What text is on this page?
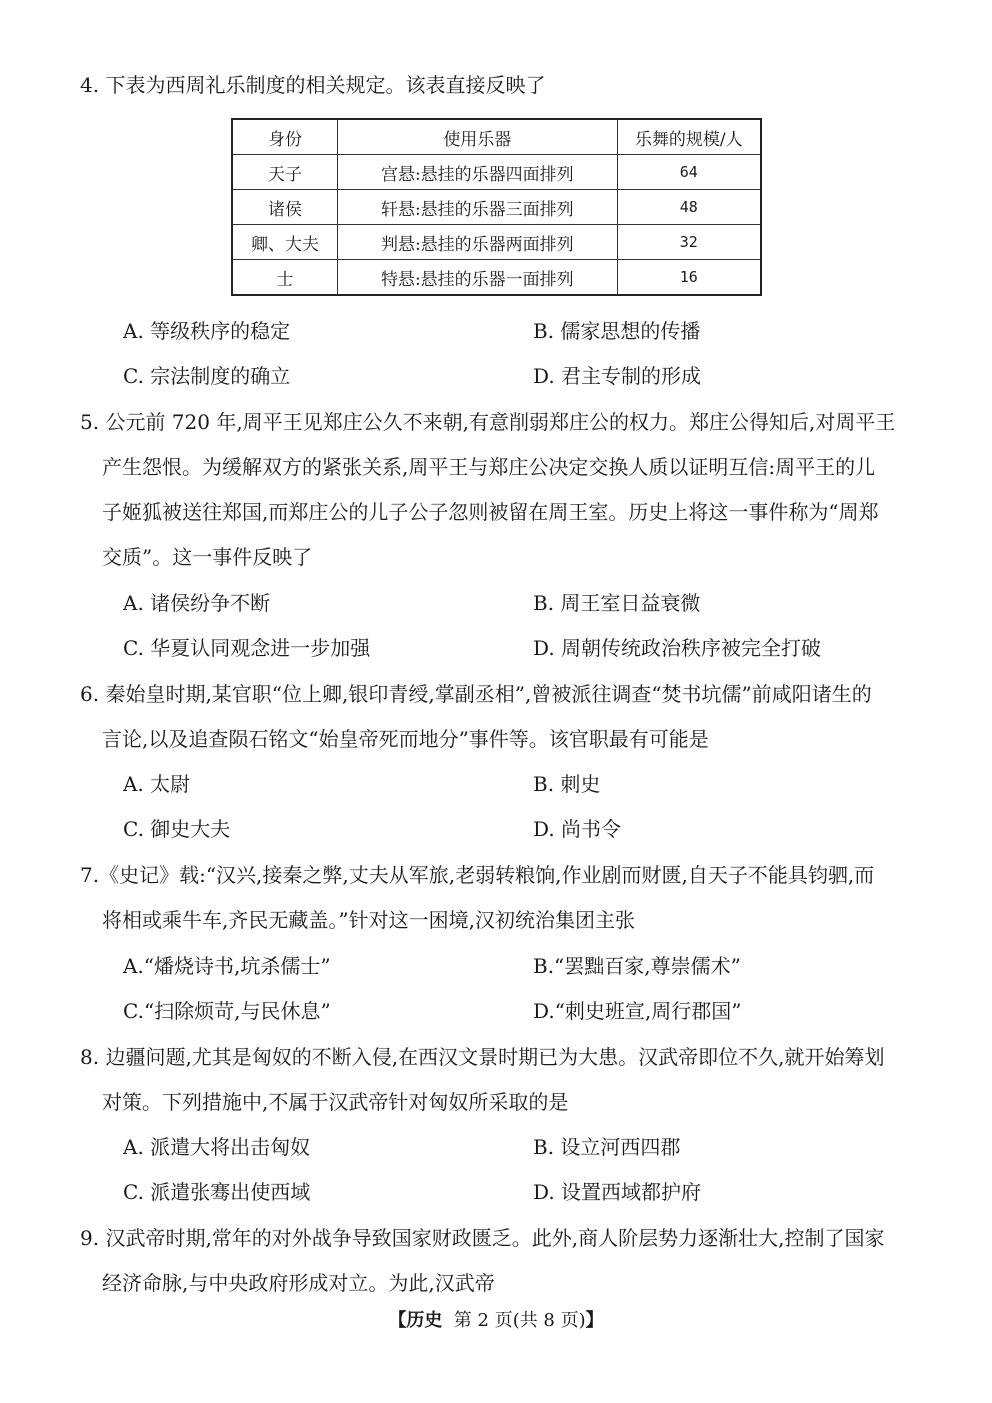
4. 下表为西周礼乐制度的相关规定。该表直接反映了
身份	使用乐器	乐舞的规模/人
天子	宫悬:悬挂的乐器四面排列	64
诸侯	轩悬:悬挂的乐器三面排列	48
卿、大夫	判悬:悬挂的乐器两面排列	32
士	特悬:悬挂的乐器一面排列	16
A. 等级秩序的稳定	B. 儒家思想的传播
C. 宗法制度的确立	D. 君主专制的形成
5. 公元前 720 年,周平王见郑庄公久不来朝,有意削弱郑庄公的权力。郑庄公得知后,对周平王
产生怨恨。为缓解双方的紧张关系,周平王与郑庄公决定交换人质以证明互信:周平王的儿
子姬狐被送往郑国,而郑庄公的儿子公子忽则被留在周王室。历史上将这一事件称为“周郑
交质”。这一事件反映了
A. 诸侯纷争不断	B. 周王室日益衰微
C. 华夏认同观念进一步加强	D. 周朝传统政治秩序被完全打破
6. 秦始皇时期,某官职“位上卿,银印青绶,掌副丞相”,曾被派往调查“焚书坑儒”前咸阳诸生的
言论,以及追查陨石铭文“始皇帝死而地分”事件等。该官职最有可能是
A. 太尉	B. 刺史
C. 御史大夫	D. 尚书令
7.《史记》载:“汉兴,接秦之弊,丈夫从军旅,老弱转粮饷,作业剧而财匮,自天子不能具钧驷,而
将相或乘牛车,齐民无藏盖。”针对这一困境,汉初统治集团主张
A.“燔烧诗书,坑杀儒士”	B.“罢黜百家,尊崇儒术”
C.“扫除烦苛,与民休息”	D.“刺史班宣,周行郡国”
8. 边疆问题,尤其是匈奴的不断入侵,在西汉文景时期已为大患。汉武帝即位不久,就开始筹划
对策。下列措施中,不属于汉武帝针对匈奴所采取的是
A. 派遣大将出击匈奴	B. 设立河西四郡
C. 派遣张骞出使西域	D. 设置西域都护府
9. 汉武帝时期,常年的对外战争导致国家财政匮乏。此外,商人阶层势力逐渐壮大,控制了国家
经济命脉,与中央政府形成对立。为此,汉武帝
【历史 第 2 页(共 8 页)】
